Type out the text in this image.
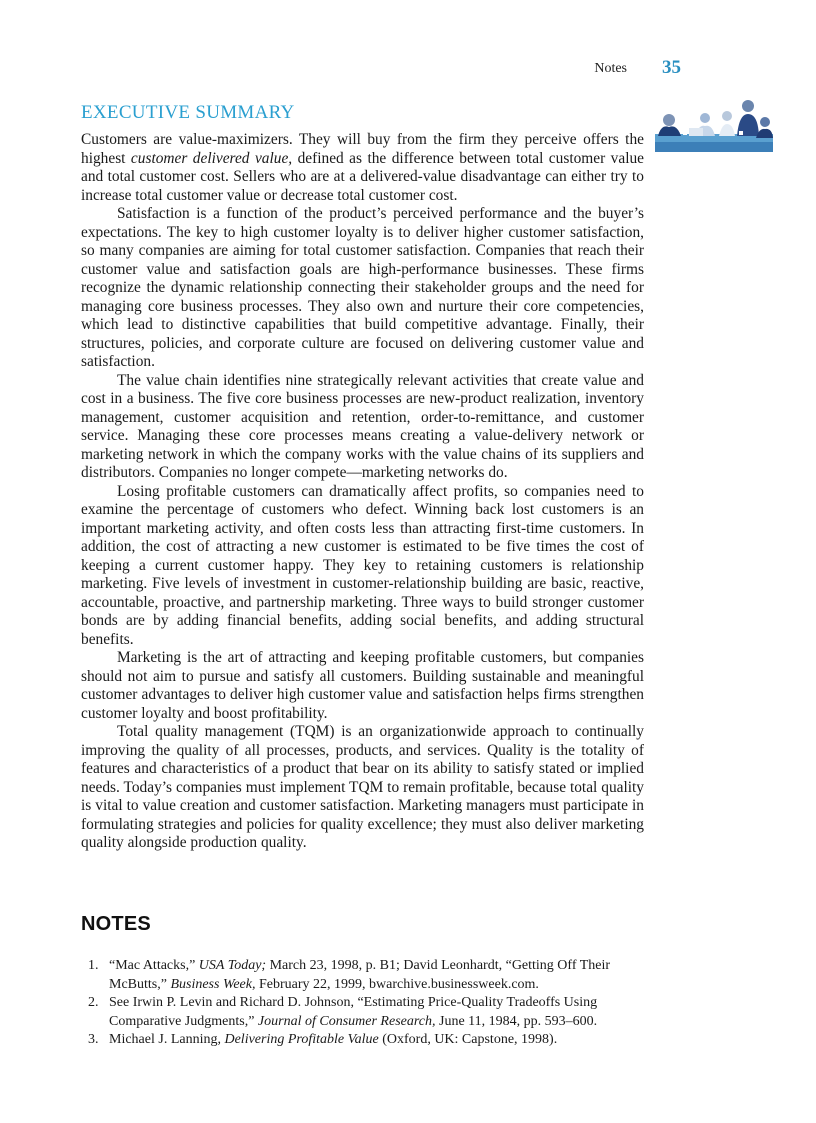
Notes 35
EXECUTIVE SUMMARY

Customers are value-maximizers. They will buy from the firm they perceive offers the highest customer delivered value, defined as the difference between total customer value and total customer cost. Sellers who are at a delivered-value disadvantage can either try to increase total customer value or decrease total customer cost.

Satisfaction is a function of the product’s perceived performance and the buyer’s expectations. The key to high customer loyalty is to deliver higher customer satisfaction, so many companies are aiming for total customer satisfaction. Companies that reach their customer value and satisfaction goals are high-performance businesses. These firms recognize the dynamic relationship connecting their stakeholder groups and the need for managing core business processes. They also own and nurture their core competencies, which lead to distinctive capabilities that build competitive advantage. Finally, their structures, policies, and corporate culture are focused on delivering customer value and satisfaction.

The value chain identifies nine strategically relevant activities that create value and cost in a business. The five core business processes are new-product realization, inventory management, customer acquisition and retention, order-to-remittance, and customer service. Managing these core processes means creating a value-delivery network or marketing network in which the company works with the value chains of its suppliers and distributors. Companies no longer compete—marketing networks do.

Losing profitable customers can dramatically affect profits, so companies need to examine the percentage of customers who defect. Winning back lost customers is an important marketing activity, and often costs less than attracting first-time customers. In addition, the cost of attracting a new customer is estimated to be five times the cost of keeping a current customer happy. They key to retaining customers is relationship marketing. Five levels of investment in customer-relationship building are basic, reactive, accountable, proactive, and partnership marketing. Three ways to build stronger customer bonds are by adding financial benefits, adding social benefits, and adding structural benefits.

Marketing is the art of attracting and keeping profitable customers, but companies should not aim to pursue and satisfy all customers. Building sustainable and meaningful customer advantages to deliver high customer value and satisfaction helps firms strengthen customer loyalty and boost profitability.

Total quality management (TQM) is an organizationwide approach to continually improving the quality of all processes, products, and services. Quality is the totality of features and characteristics of a product that bear on its ability to satisfy stated or implied needs. Today’s companies must implement TQM to remain profitable, because total quality is vital to value creation and customer satisfaction. Marketing managers must participate in formulating strategies and policies for quality excellence; they must also deliver marketing quality alongside production quality.

NOTES
1. “Mac Attacks,” USA Today; March 23, 1998, p. B1; David Leonhardt, “Getting Off Their McButts,” Business Week, February 22, 1999, bwarchive.businessweek.com.
2. See Irwin P. Levin and Richard D. Johnson, “Estimating Price-Quality Tradeoffs Using Comparative Judgments,” Journal of Consumer Research, June 11, 1984, pp. 593–600.
3. Michael J. Lanning, Delivering Profitable Value (Oxford, UK: Capstone, 1998).
